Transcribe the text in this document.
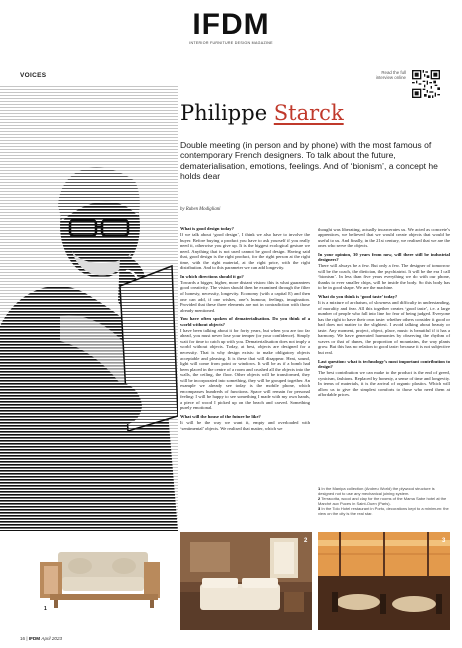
IFDM
INTERIOR FURNITURE DESIGN MAGAZINE
VOICES	Read the full interview online
Philippe Starck
Double meeting (in person and by phone) with the most famous of contemporary French designers. To talk about the future, dematerialisation, emotions, feelings. And of ‘bionism’, a concept he holds dear
by Ruben Modigliani
What is good design today?

If we talk about ‘good design’, I think we also have to involve the buyer. Before buying a product you have to ask yourself if you really need it, otherwise you give up. It is the biggest ecological gesture we need. Anything that is not used cannot be good design. Having said that, good design is the right product, for the right person at the right time, with the right material, at the right price, with the right distribution. And to this parameter we can add longevity.

In which directions should it go?

Towards a bigger, higher, more distant vision: this is what guarantees good creativity. The vision should then be examined through the filter of honesty, necessity, longevity. Economy (with a capital E) and then one can add, if one wishes, one’s humour, feelings, imagination. Provided that these three elements are not in contradiction with those already mentioned.

You have often spoken of dematerialisation. Do you think of a world without objects?

I have been talking about it for forty years, but when you are too far ahead, you must never lose your temper (or your confidence). Simply wait for time to catch up with you. Dematerialisation does not imply a world without objects. Today, at best, objects are designed for a necessity. That is why design exists: to make obligatory objects acceptable and pleasing. It is these that will disappear. Heat, sound, light will come from point or windows. It will be as if a bomb had been placed in the centre of a room and crushed all the objects into the walls, the ceiling, the floor. Other objects will be transformed, they will be incorporated into something, they will be grouped together. An example we already see today is the mobile phone, which encompasses hundreds of functions. Space will remain for personal feeling: I will be happy to see something I made with my own hands, a piece of wood I picked up on the beach and carved. Something purely emotional.

What will the house of the future be like?

It will be the way we want it, empty and overloaded with ‘sentimental’ objects. We realised that matter, which we

thought was liberating, actually incarcerates us. We acted as concrete’s apprentices, we believed that we would create objects that would be useful to us. And finally, in the 21st century, we realised that we are the ones who serve the objects.

In your opinion, 30 years from now, will there still be industrial designers?

There will always be a few. But only a few. The designer of tomorrow will be the coach, the dietician, the psychiatrist. It will be the era I call ‘bionism’. In less than five years everything we do with our phone, thanks to ever smaller chips, will be inside the body. So this body has to be in good shape. We are the machine.

What do you think is ‘good taste’ today?

It is a mixture of archaism, of slowness and difficulty in understanding, of morality and fear. All this together creates ‘good taste’, i.e. a large number of people who fall into line for fear of being judged. Everyone has the right to have their own taste: whether others consider it good or bad does not matter to the slightest. I avoid talking about beauty or taste. Any moment, project, object, place, music is beautiful if it has a harmony. We have generated harmonies by observing the rhythm of waves or that of dunes, the proportion of mountains, the way plants grow. But this has no relation to good taste: because it is not subjective but real.

Last question: what is technology’s most important contribution to design?

The best contribution we can make to the product is the end of greed, cynicism, fashions. Replaced by honesty, a sense of time and longevity. In terms of materials, it is the arrival of organic plastics. Which will allow us to give the simplest comforts to those who need them at affordable prices.

1 In the Manipa collection (Andreu World) the plywood structure is designed not to use any mechanical joining system.
2 Terracotta, wood and clay for the rooms of the Mama Sabe hotel at the Marché aux Puces in Saint-Ouen (Paris).
3 In the Tolo Hotel restaurant in Porto, decorations kept to a minimum: the view on the city is the real star.
1
2	3
16 | IFDM April 2023
